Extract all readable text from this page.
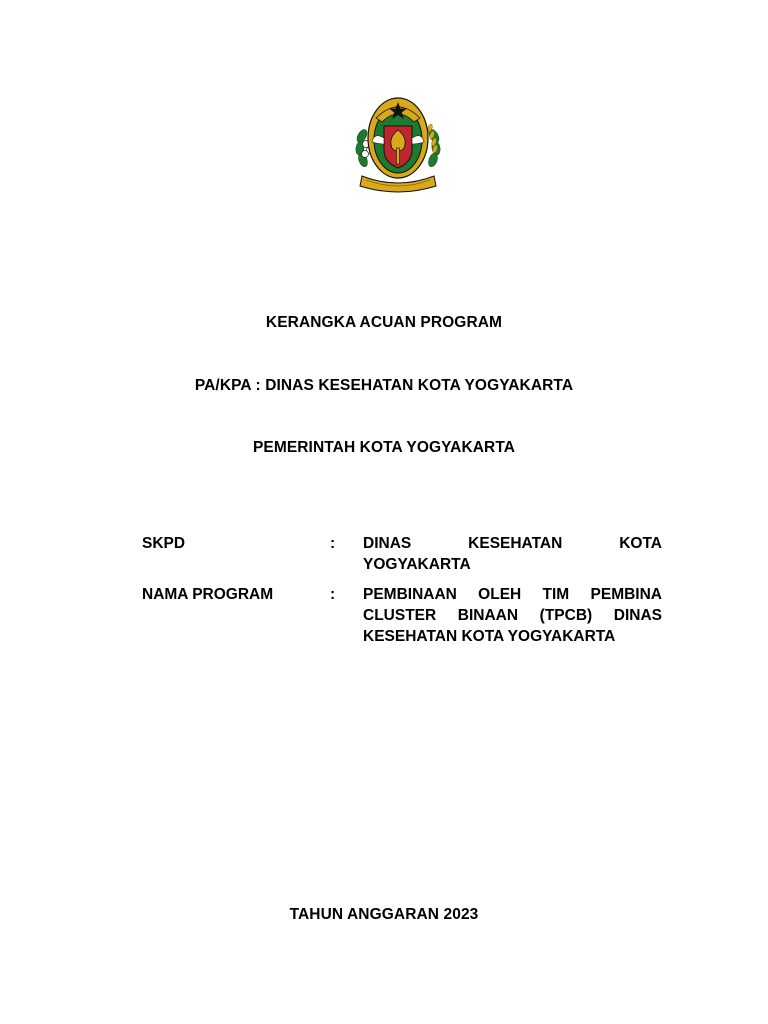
KERANGKA ACUAN PROGRAM
PA/KPA : DINAS KESEHATAN KOTA YOGYAKARTA
PEMERINTAH KOTA YOGYAKARTA
SKPD	:	DINAS KESEHATAN KOTA YOGYAKARTA
NAMA PROGRAM	:	PEMBINAAN OLEH TIM PEMBINA CLUSTER BINAAN (TPCB) DINAS KESEHATAN KOTA YOGYAKARTA
TAHUN ANGGARAN 2023
